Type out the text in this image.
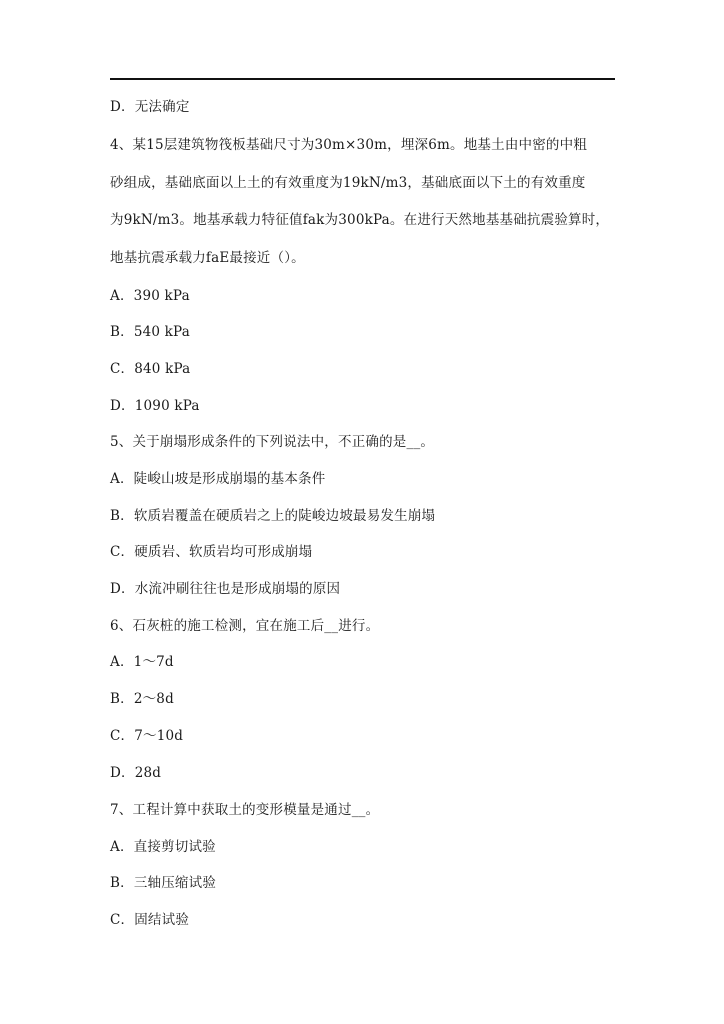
D．无法确定
4、某15层建筑物筏板基础尺寸为30m×30m，埋深6m。地基土由中密的中粗
砂组成，基础底面以上土的有效重度为19kN/m3，基础底面以下土的有效重度
为9kN/m3。地基承载力特征值fak为300kPa。在进行天然地基基础抗震验算时，
地基抗震承载力faE最接近（）。
A．390 kPa
B．540 kPa
C．840 kPa
D．1090 kPa
5、关于崩塌形成条件的下列说法中，不正确的是__。
A．陡峻山坡是形成崩塌的基本条件
B．软质岩覆盖在硬质岩之上的陡峻边坡最易发生崩塌
C．硬质岩、软质岩均可形成崩塌
D．水流冲刷往往也是形成崩塌的原因
6、石灰桩的施工检测，宜在施工后__进行。
A．1～7d
B．2～8d
C．7～10d
D．28d
7、工程计算中获取土的变形模量是通过__。
A．直接剪切试验
B．三轴压缩试验
C．固结试验
